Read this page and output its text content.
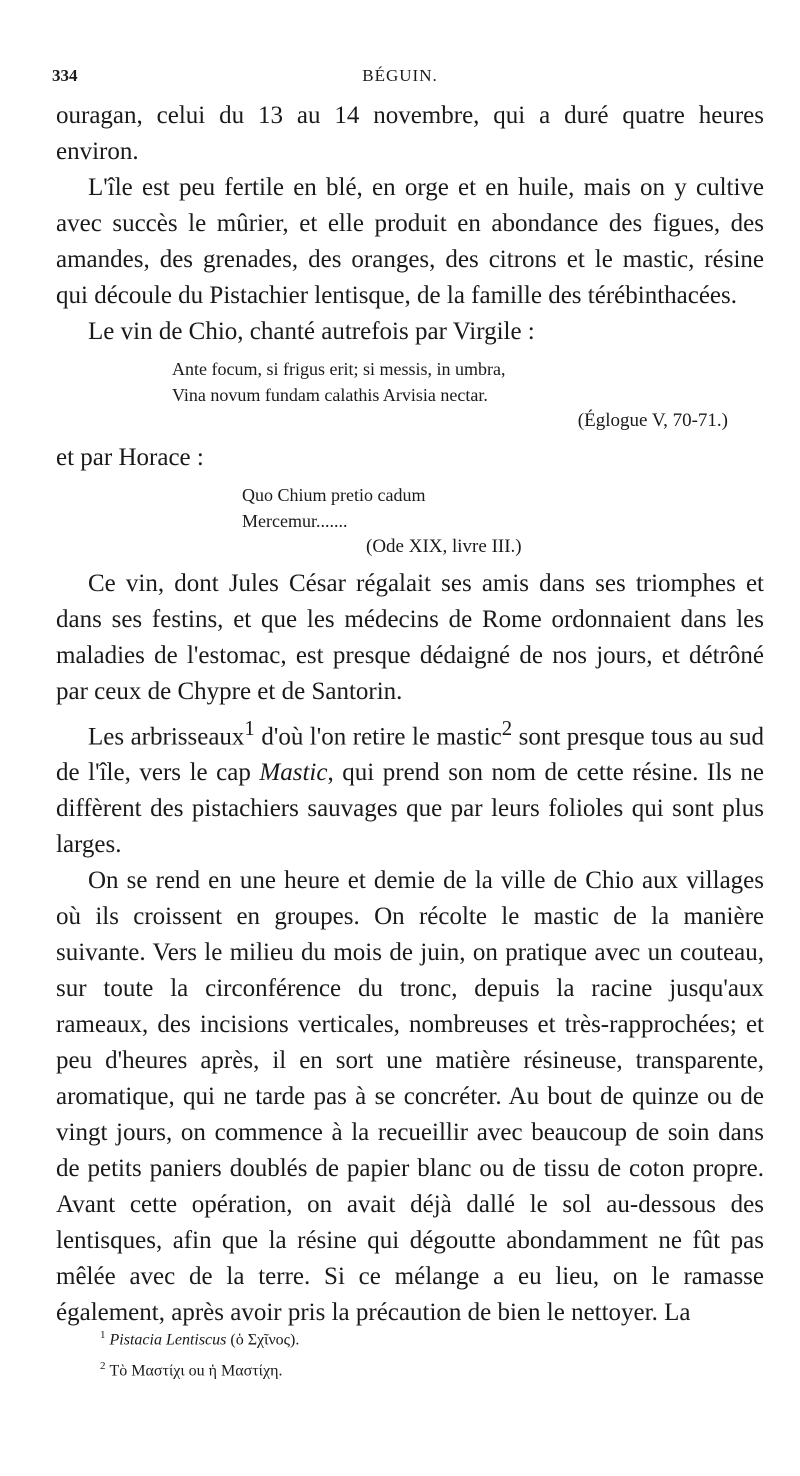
334	BÉGUIN.

ouragan, celui du 13 au 14 novembre, qui a duré quatre heures environ.

L'île est peu fertile en blé, en orge et en huile, mais on y cultive avec succès le mûrier, et elle produit en abondance des figues, des amandes, des grenades, des oranges, des citrons et le mastic, résine qui découle du Pistachier lentisque, de la famille des térébinthacées.

Le vin de Chio, chanté autrefois par Virgile :

Ante focum, si frigus erit; si messis, in umbra,
Vina novum fundam calathis Arvisia nectar.
(Églogue V, 70-71.)

et par Horace :

Quo Chium pretio cadum
Mercemur.......
(Ode XIX, livre III.)

Ce vin, dont Jules César régalait ses amis dans ses triomphes et dans ses festins, et que les médecins de Rome ordonnaient dans les maladies de l'estomac, est presque dédaigné de nos jours, et détrôné par ceux de Chypre et de Santorin.

Les arbrisseaux$^1$ d'où l'on retire le mastic$^2$ sont presque tous au sud de l'île, vers le cap Mastic, qui prend son nom de cette résine. Ils ne diffèrent des pistachiers sauvages que par leurs folioles qui sont plus larges.

On se rend en une heure et demie de la ville de Chio aux villages où ils croissent en groupes. On récolte le mastic de la manière suivante. Vers le milieu du mois de juin, on pratique avec un couteau, sur toute la circonférence du tronc, depuis la racine jusqu'aux rameaux, des incisions verticales, nombreuses et très-rapprochées; et peu d'heures après, il en sort une matière résineuse, transparente, aromatique, qui ne tarde pas à se concréter. Au bout de quinze ou de vingt jours, on commence à la recueillir avec beaucoup de soin dans de petits paniers doublés de papier blanc ou de tissu de coton propre. Avant cette opération, on avait déjà dallé le sol au-dessous des lentisques, afin que la résine qui dégoutte abondamment ne fût pas mêlée avec de la terre. Si ce mélange a eu lieu, on le ramasse également, après avoir pris la précaution de bien le nettoyer. La

$^1$ Pistacia Lentiscus (ὁ Σχῖνος).
$^2$ Τὸ Μαστίχι ou ἡ Μαστίχη.
